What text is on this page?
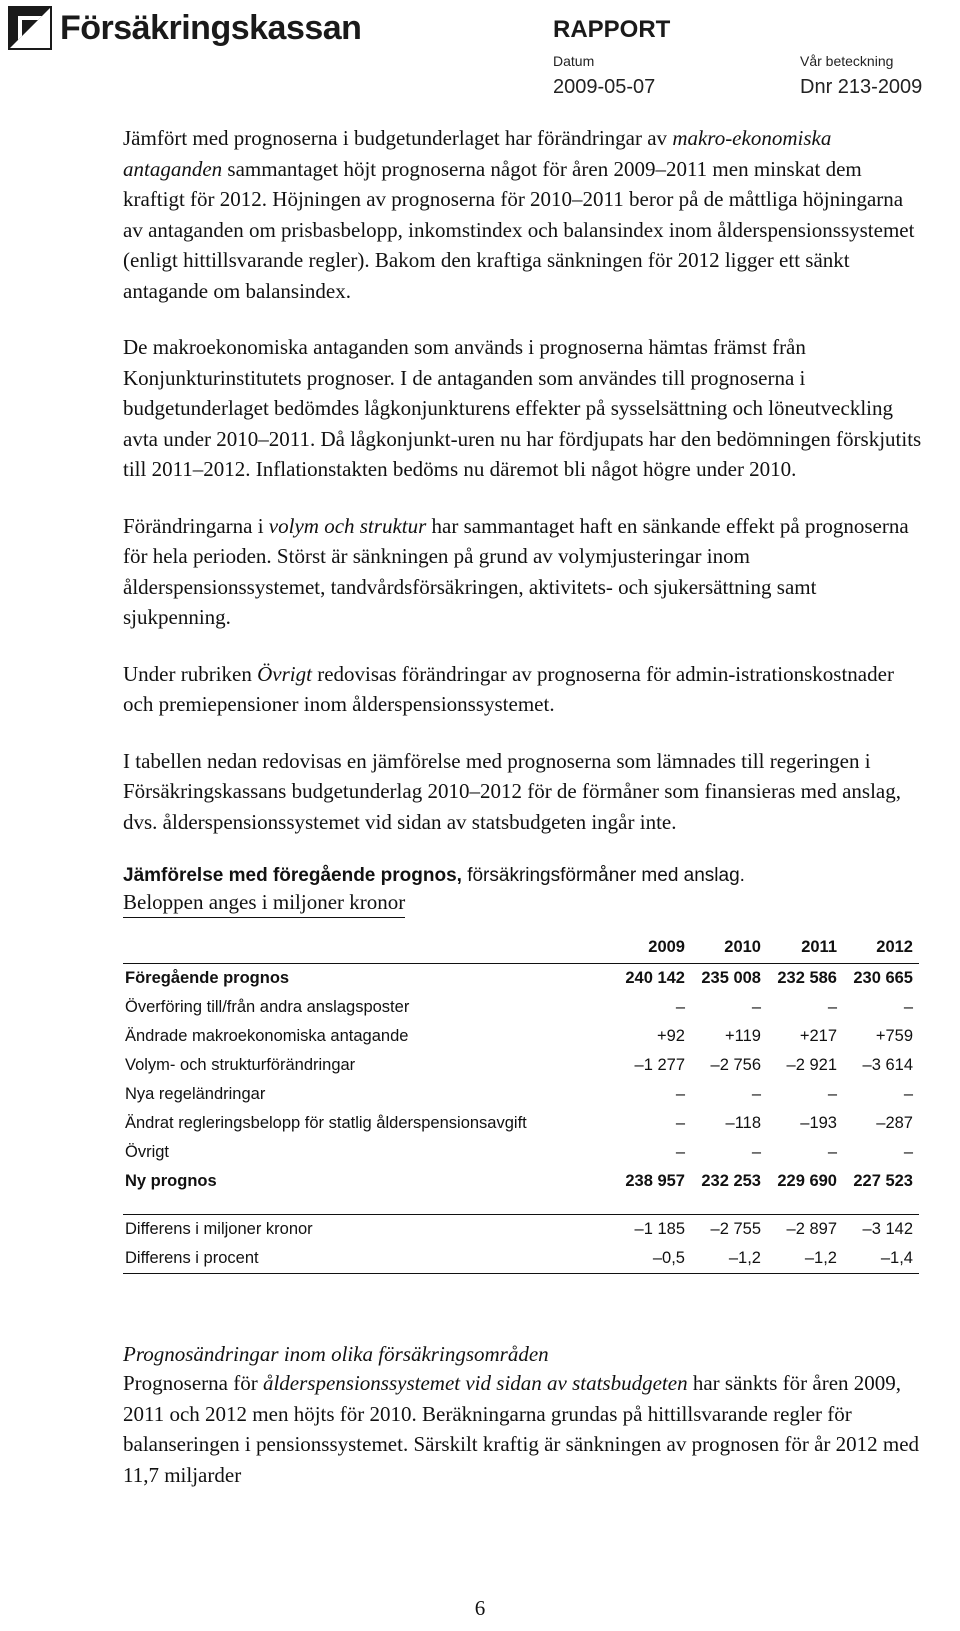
Försäkringskassan	RAPPORT
Datum
2009-05-07
Vår beteckning
Dnr 213-2009

Jämfört med prognoserna i budgetunderlaget har förändringar av makro-ekonomiska antaganden sammantaget höjt prognoserna något för åren 2009–2011 men minskat dem kraftigt för 2012. Höjningen av prognoserna för 2010–2011 beror på de måttliga höjningarna av antaganden om prisbasbelopp, inkomstindex och balansindex inom ålderspensionssystemet (enligt hittillsvarande regler). Bakom den kraftiga sänkningen för 2012 ligger ett sänkt antagande om balansindex.

De makroekonomiska antaganden som används i prognoserna hämtas främst från Konjunkturinstitutets prognoser. I de antaganden som användes till prognoserna i budgetunderlaget bedömdes lågkonjunkturens effekter på sysselsättning och löneutveckling avta under 2010–2011. Då lågkonjunkt-uren nu har fördjupats har den bedömningen förskjutits till 2011–2012. Inflationstakten bedöms nu däremot bli något högre under 2010.

Förändringarna i volym och struktur har sammantaget haft en sänkande effekt på prognoserna för hela perioden. Störst är sänkningen på grund av volymjusteringar inom ålderspensionssystemet, tandvårdsförsäkringen, aktivitets- och sjukersättning samt sjukpenning.

Under rubriken Övrigt redovisas förändringar av prognoserna för admin-istrationskostnader och premiepensioner inom ålderspensionssystemet.

I tabellen nedan redovisas en jämförelse med prognoserna som lämnades till regeringen i Försäkringskassans budgetunderlag 2010–2012 för de förmåner som finansieras med anslag, dvs. ålderspensionssystemet vid sidan av statsbudgeten ingår inte.

Jämförelse med föregående prognos, försäkringsförmåner med anslag.
Beloppen anges i miljoner kronor
	2009	2010	2011	2012
Föregående prognos	240 142	235 008	232 586	230 665
Överföring till/från andra anslagsposter	–	–	–	–
Ändrade makroekonomiska antagande	+92	+119	+217	+759
Volym- och strukturförändringar	–1 277	–2 756	–2 921	–3 614
Nya regeländringar	–	–	–	–
Ändrat regleringsbelopp för statlig ålderspensionsavgift	–	–118	–193	–287
Övrigt	–	–	–	–
Ny prognos	238 957	232 253	229 690	227 523

Differens i miljoner kronor	–1 185	–2 755	–2 897	–3 142
Differens i procent	–0,5	–1,2	–1,2	–1,4
Prognosändringar inom olika försäkringsområden

Prognoserna för ålderspensionssystemet vid sidan av statsbudgeten har sänkts för åren 2009, 2011 och 2012 men höjts för 2010. Beräkningarna grundas på hittillsvarande regler för balanseringen i pensionssystemet. Särskilt kraftig är sänkningen av prognosen för år 2012 med 11,7 miljarder

6
